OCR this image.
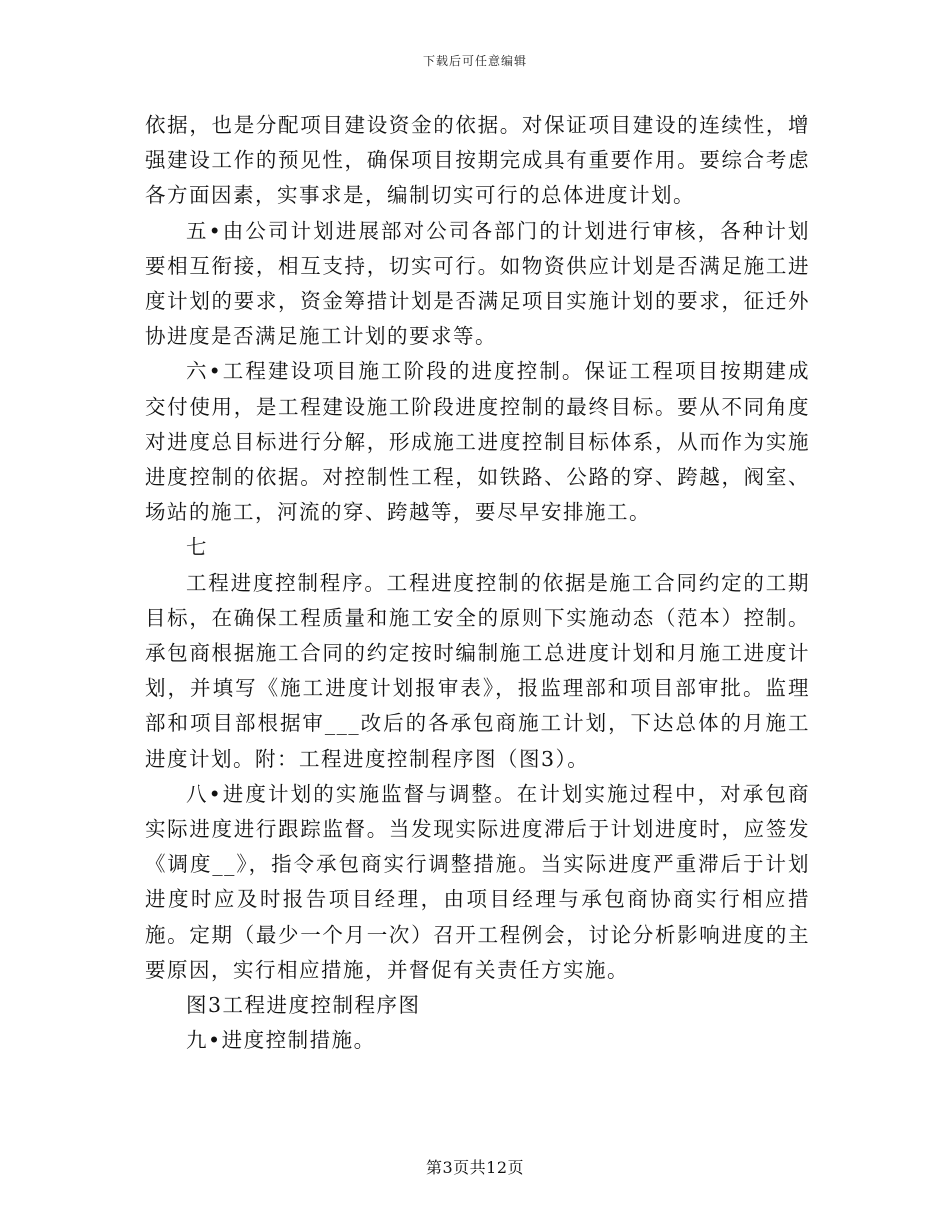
下载后可任意编辑

依据，也是分配项目建设资金的依据。对保证项目建设的连续性，增强建设工作的预见性，确保项目按期完成具有重要作用。要综合考虑各方面因素，实事求是，编制切实可行的总体进度计划。

五•由公司计划进展部对公司各部门的计划进行审核，各种计划要相互衔接，相互支持，切实可行。如物资供应计划是否满足施工进度计划的要求，资金筹措计划是否满足项目实施计划的要求，征迁外协进度是否满足施工计划的要求等。

六•工程建设项目施工阶段的进度控制。保证工程项目按期建成交付使用，是工程建设施工阶段进度控制的最终目标。要从不同角度对进度总目标进行分解，形成施工进度控制目标体系，从而作为实施进度控制的依据。对控制性工程，如铁路、公路的穿、跨越，阀室、场站的施工，河流的穿、跨越等，要尽早安排施工。

七

工程进度控制程序。工程进度控制的依据是施工合同约定的工期目标，在确保工程质量和施工安全的原则下实施动态（范本）控制。承包商根据施工合同的约定按时编制施工总进度计划和月施工进度计划，并填写《施工进度计划报审表》，报监理部和项目部审批。监理部和项目部根据审___改后的各承包商施工计划，下达总体的月施工进度计划。附：工程进度控制程序图（图3）。

八•进度计划的实施监督与调整。在计划实施过程中，对承包商实际进度进行跟踪监督。当发现实际进度滞后于计划进度时，应签发《调度__》，指令承包商实行调整措施。当实际进度严重滞后于计划进度时应及时报告项目经理，由项目经理与承包商协商实行相应措施。定期（最少一个月一次）召开工程例会，讨论分析影响进度的主要原因，实行相应措施，并督促有关责任方实施。

图3工程进度控制程序图

九•进度控制措施。

第3页共12页
